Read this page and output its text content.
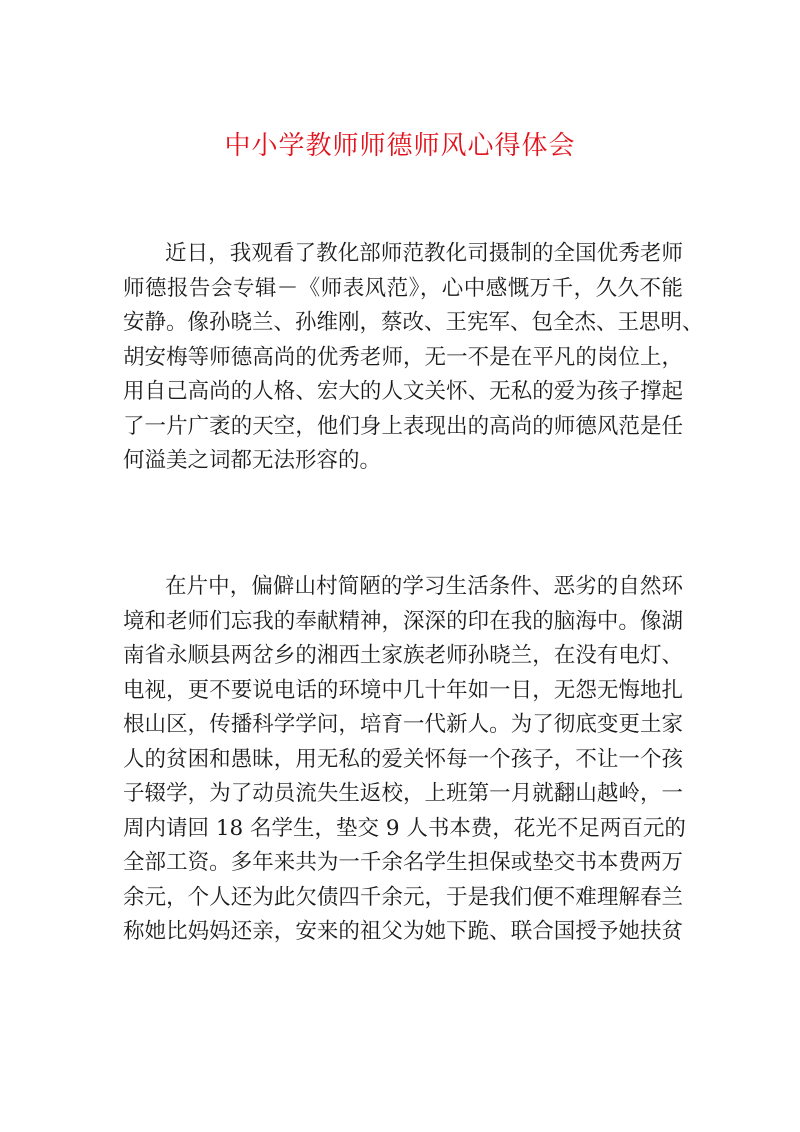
中小学教师师德师风心得体会
近日，我观看了教化部师范教化司摄制的全国优秀老师
师德报告会专辑－《师表风范》，心中感慨万千，久久不能
安静。像孙晓兰、孙维刚，蔡改、王宪军、包全杰、王思明、
胡安梅等师德高尚的优秀老师，无一不是在平凡的岗位上，
用自己高尚的人格、宏大的人文关怀、无私的爱为孩子撑起
了一片广袤的天空，他们身上表现出的高尚的师德风范是任
何溢美之词都无法形容的。
在片中，偏僻山村简陋的学习生活条件、恶劣的自然环
境和老师们忘我的奉献精神，深深的印在我的脑海中。像湖
南省永顺县两岔乡的湘西土家族老师孙晓兰，在没有电灯、
电视，更不要说电话的环境中几十年如一日，无怨无悔地扎
根山区，传播科学学问，培育一代新人。为了彻底变更土家
人的贫困和愚昧，用无私的爱关怀每一个孩子，不让一个孩
子辍学，为了动员流失生返校，上班第一月就翻山越岭，一
周内请回 18 名学生，垫交 9 人书本费，花光不足两百元的
全部工资。多年来共为一千余名学生担保或垫交书本费两万
余元，个人还为此欠债四千余元，于是我们便不难理解春兰
称她比妈妈还亲，安来的祖父为她下跪、联合国授予她扶贫
